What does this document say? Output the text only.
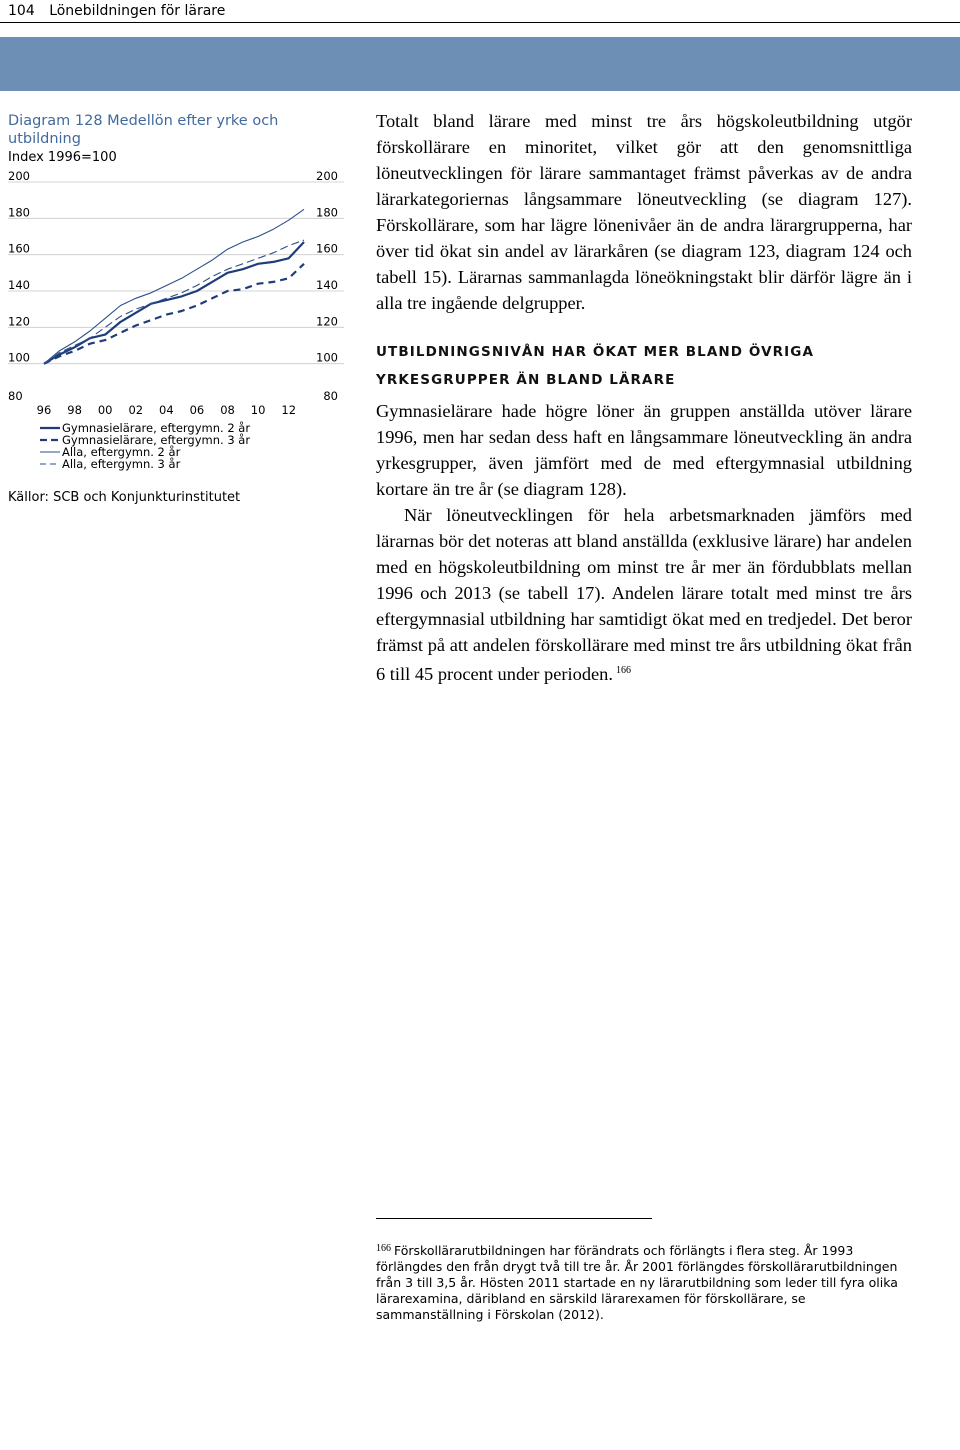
104 Lönebildningen för lärare
Diagram 128 Medellön efter yrke och utbildning
Index 1996=100
80	80
100	100
120	120
140	140
160	160
180	180
200	200
96 98 00 02 04 06 08 10 12
Gymnasielärare, eftergymn. 2 år
Gymnasielärare, eftergymn. 3 år
Alla, eftergymn. 2 år
Alla, eftergymn. 3 år
Källor: SCB och Konjunkturinstitutet

Totalt bland lärare med minst tre års högskoleutbildning utgör förskollärare en minoritet, vilket gör att den genomsnittliga löneutvecklingen för lärare sammantaget främst påverkas av de andra lärarkategoriernas långsammare löneutveckling (se diagram 127). Förskollärare, som har lägre lönenivåer än de andra lärargrupperna, har över tid ökat sin andel av lärarkåren (se diagram 123, diagram 124 och tabell 15). Lärarnas sammanlagda löneökningstakt blir därför lägre än i alla tre ingående delgrupper.

UTBILDNINGSNIVÅN HAR ÖKAT MER BLAND ÖVRIGA YRKESGRUPPER ÄN BLAND LÄRARE

Gymnasielärare hade högre löner än gruppen anställda utöver lärare 1996, men har sedan dess haft en långsammare löneutveckling än andra yrkesgrupper, även jämfört med de med eftergymnasial utbildning kortare än tre år (se diagram 128).

När löneutvecklingen för hela arbetsmarknaden jämförs med lärarnas bör det noteras att bland anställda (exklusive lärare) har andelen med en högskoleutbildning om minst tre år mer än fördubblats mellan 1996 och 2013 (se tabell 17). Andelen lärare totalt med minst tre års eftergymnasial utbildning har samtidigt ökat med en tredjedel. Det beror främst på att andelen förskollärare med minst tre års utbildning ökat från 6 till 45 procent under perioden. $^{166}$

$^{166}$ Förskollärarutbildningen har förändrats och förlängts i flera steg. År 1993 förlängdes den från drygt två till tre år. År 2001 förlängdes förskollärarutbildningen från 3 till 3,5 år. Hösten 2011 startade en ny lärarutbildning som leder till fyra olika lärarexamina, däribland en särskild lärarexamen för förskollärare, se sammanställning i Förskolan (2012).
